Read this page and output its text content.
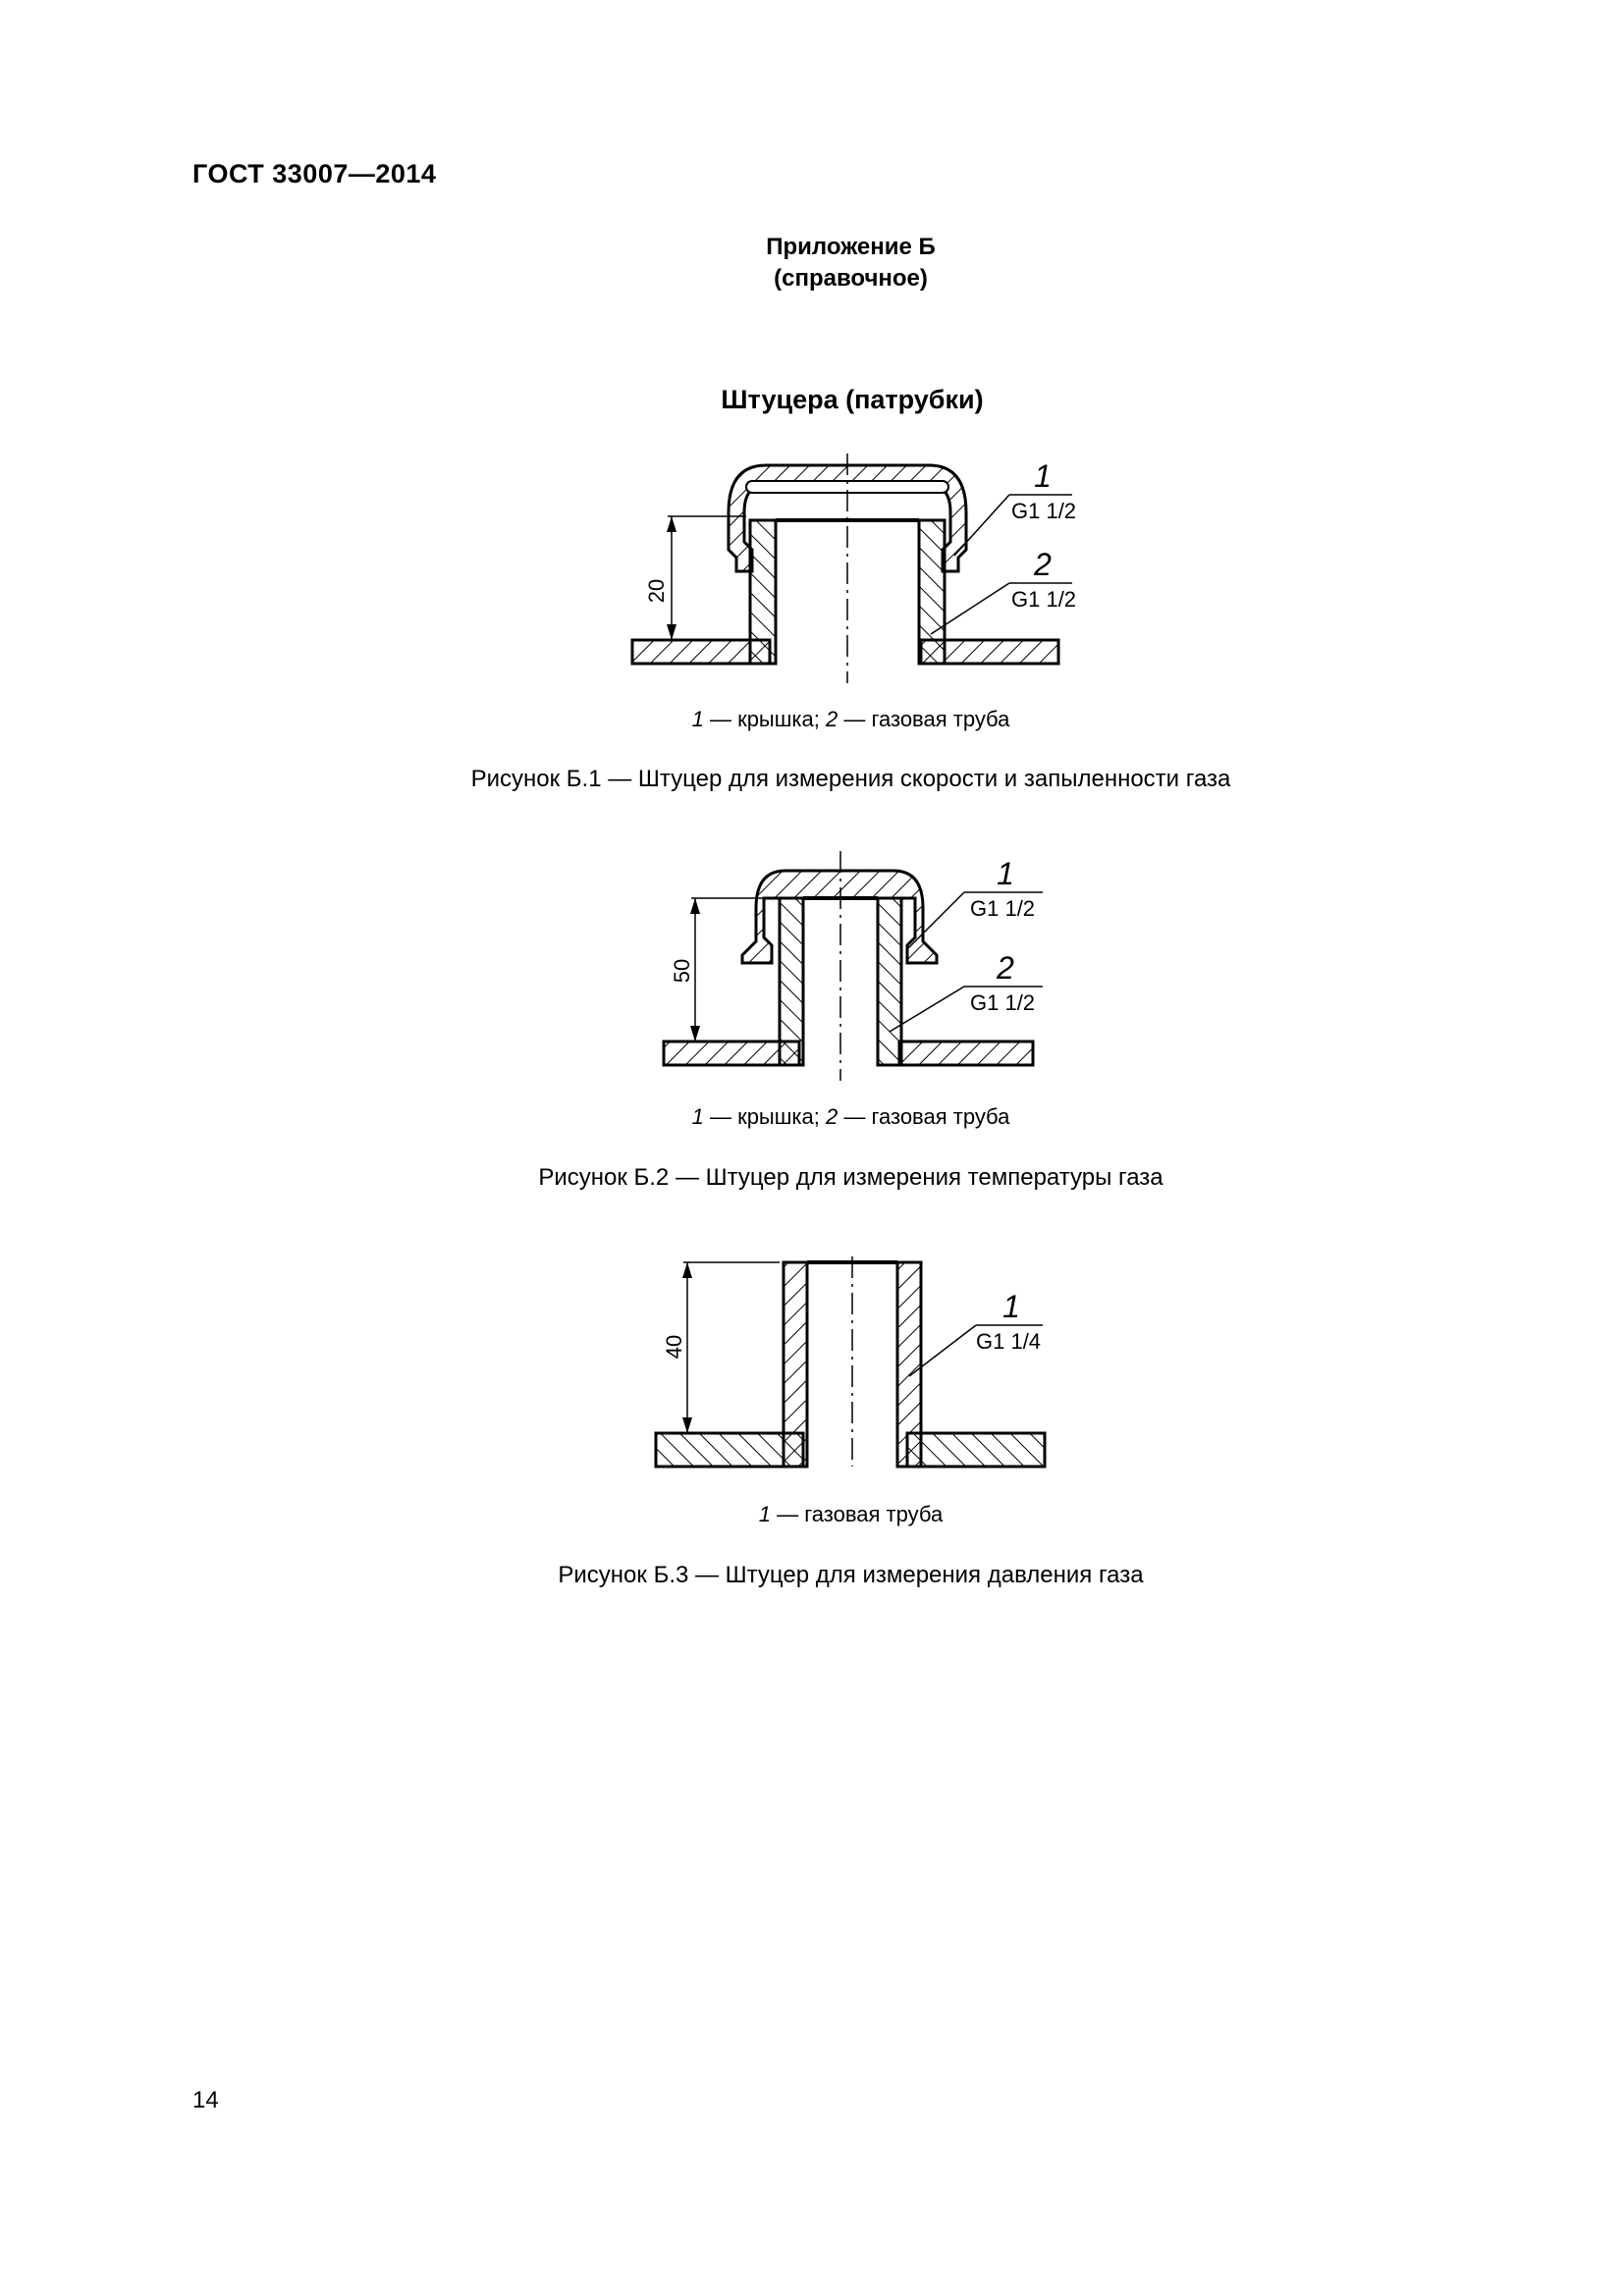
ГОСТ 33007—2014
Приложение Б
(справочное)
Штуцера (патрубки)
20
1
G1 1/2
2
G1 1/2
1 — крышка; 2 — газовая труба
Рисунок Б.1 — Штуцер для измерения скорости и запыленности газа
50
1
G1 1/2
2
G1 1/2
1 — крышка; 2 — газовая труба
Рисунок Б.2 — Штуцер для измерения температуры газа
40
1
G1 1/4
1 — газовая труба
Рисунок Б.3 — Штуцер для измерения давления газа
14
